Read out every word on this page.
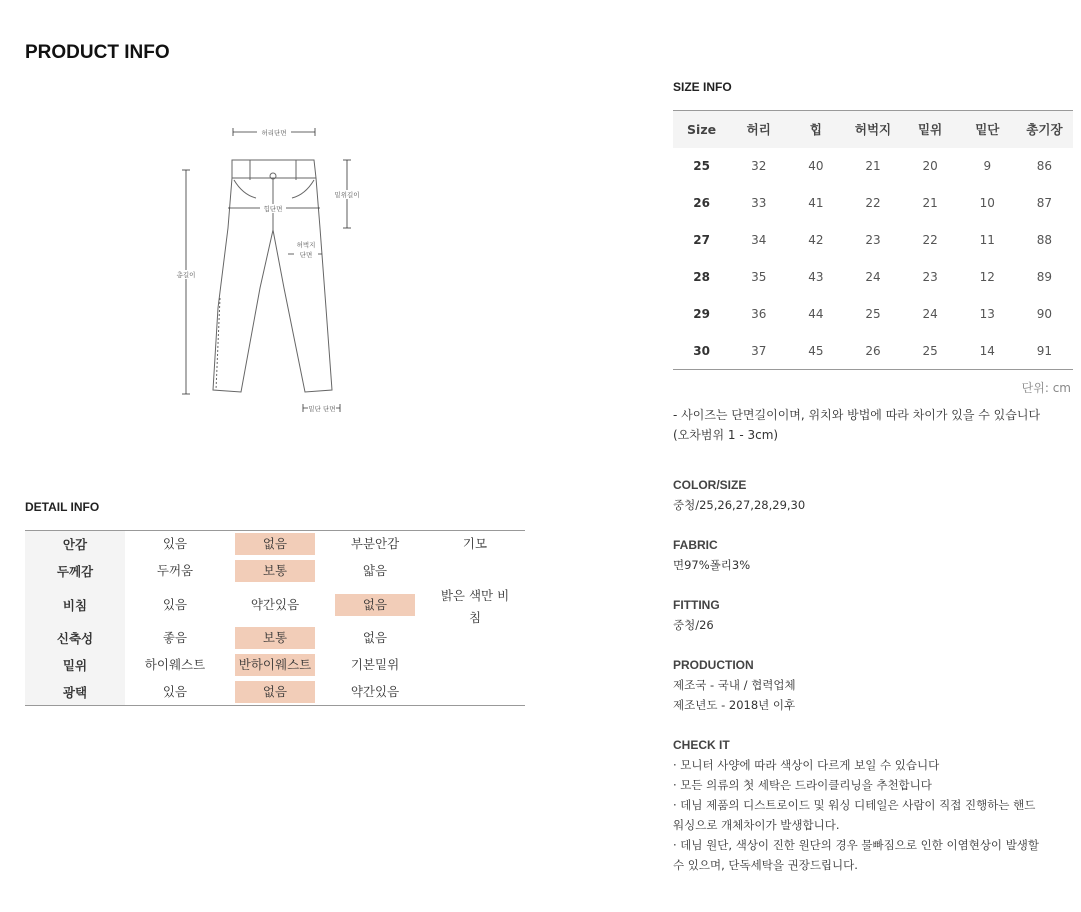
PRODUCT INFO
허리단면
밑위길이
힙단면
허벅지
단면
총길이
밑단 단면
DETAIL INFO
안감	있음	없음	부분안감	기모
두께감	두꺼움	보통	얇음	
비침	있음	약간있음	없음	밝은 색만 비침
신축성	좋음	보통	없음	
밑위	하이웨스트	반하이웨스트	기본밑위	
광택	있음	없음	약간있음	
SIZE INFO
Size	허리	힙	허벅지	밑위	밑단	총기장
25	32	40	21	20	9	86
26	33	41	22	21	10	87
27	34	42	23	22	11	88
28	35	43	24	23	12	89
29	36	44	25	24	13	90
30	37	45	26	25	14	91
단위: cm
- 사이즈는 단면길이이며, 위치와 방법에 따라 차이가 있을 수 있습니다
(오차범위 1 - 3cm)
COLOR/SIZE
중청/25,26,27,28,29,30
FABRIC
면97%폴리3%
FITTING
중청/26
PRODUCTION
제조국 - 국내 / 협력업체
제조년도 - 2018년 이후
CHECK IT
· 모니터 사양에 따라 색상이 다르게 보일 수 있습니다
· 모든 의류의 첫 세탁은 드라이클리닝을 추천합니다
· 데님 제품의 디스트로이드 및 워싱 디테일은 사람이 직접 진행하는 핸드
워싱으로 개체차이가 발생합니다.
· 데님 원단, 색상이 진한 원단의 경우 물빠짐으로 인한 이염현상이 발생할
수 있으며, 단독세탁을 권장드립니다.
